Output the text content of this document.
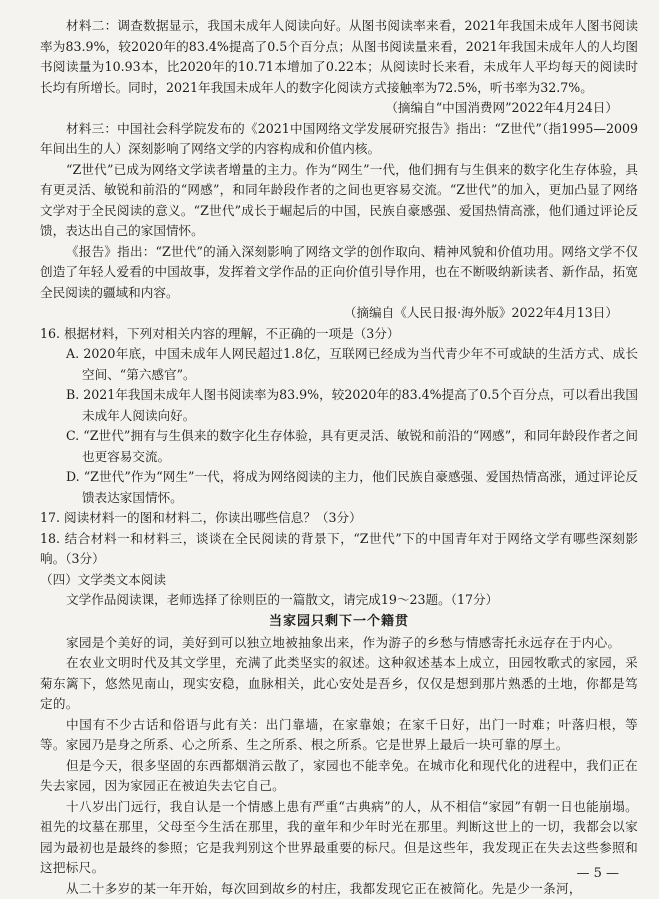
材料二：调查数据显示，我国未成年人阅读向好。从图书阅读率来看，2021年我国未成年人图书阅读率为83.9%，较2020年的83.4%提高了0.5个百分点；从图书阅读量来看，2021年我国未成年人的人均图书阅读量为10.93本，比2020年的10.71本增加了0.22本；从阅读时长来看，未成年人平均每天的阅读时长均有所增长。同时，2021年我国未成年人的数字化阅读方式接触率为72.5%，听书率为32.7%。

（摘编自“中国消费网”2022年4月24日）

材料三：中国社会科学院发布的《2021中国网络文学发展研究报告》指出：“Z世代”（指1995—2009年间出生的人）深刻影响了网络文学的内容构成和价值内核。

“Z世代”已成为网络文学读者增量的主力。作为“网生”一代，他们拥有与生俱来的数字化生存体验，具有更灵活、敏锐和前沿的“网感”，和同年龄段作者的之间也更容易交流。“Z世代”的加入，更加凸显了网络文学对于全民阅读的意义。“Z世代”成长于崛起后的中国，民族自豪感强、爱国热情高涨，他们通过评论反馈，表达出自己的家国情怀。

《报告》指出：“Z世代”的涌入深刻影响了网络文学的创作取向、精神风貌和价值功用。网络文学不仅创造了年轻人爱看的中国故事，发挥着文学作品的正向价值引导作用，也在不断吸纳新读者、新作品，拓宽全民阅读的疆域和内容。

（摘编自《人民日报·海外版》2022年4月13日）

16. 根据材料，下列对相关内容的理解，不正确的一项是（3分）

A. 2020年底，中国未成年人网民超过1.8亿，互联网已经成为当代青少年不可或缺的生活方式、成长空间、“第六感官”。

B. 2021年我国未成年人图书阅读率为83.9%，较2020年的83.4%提高了0.5个百分点，可以看出我国未成年人阅读向好。

C. “Z世代”拥有与生俱来的数字化生存体验，具有更灵活、敏锐和前沿的“网感”，和同年龄段作者之间也更容易交流。

D. “Z世代”作为“网生”一代，将成为网络阅读的主力，他们民族自豪感强、爱国热情高涨，通过评论反馈表达家国情怀。

17. 阅读材料一的图和材料二，你读出哪些信息？（3分）

18. 结合材料一和材料三，谈谈在全民阅读的背景下，“Z世代”下的中国青年对于网络文学有哪些深刻影响。（3分）

（四）文学类文本阅读

文学作品阅读课，老师选择了徐则臣的一篇散文，请完成19～23题。（17分）

当家园只剩下一个籍贯

家园是个美好的词，美好到可以独立地被抽象出来，作为游子的乡愁与情感寄托永远存在于内心。

在农业文明时代及其文学里，充满了此类坚实的叙述。这种叙述基本上成立，田园牧歌式的家园，采菊东篱下，悠然见南山，现实安稳，血脉相关，此心安处是吾乡，仅仅是想到那片熟悉的土地，你都是笃定的。

中国有不少古话和俗语与此有关：出门靠墙，在家靠娘；在家千日好，出门一时难；叶落归根，等等。家园乃是身之所系、心之所系、生之所系、根之所系。它是世界上最后一块可靠的厚土。

但是今天，很多坚固的东西都烟消云散了，家园也不能幸免。在城市化和现代化的进程中，我们正在失去家园，因为家园正在被迫失去它自己。

十八岁出门远行，我自认是一个情感上患有严重“古典病”的人，从不相信“家园”有朝一日也能崩塌。祖先的坟墓在那里，父母至今生活在那里，我的童年和少年时光在那里。判断这世上的一切，我都会以家园为最初也是最终的参照；它是我判别这个世界最重要的标尺。但是这些年，我发现正在失去这些参照和这把标尺。

从二十多岁的某一年开始，每次回到故乡的村庄，我都发现它正在被简化。先是少一条河，

— 5 —
